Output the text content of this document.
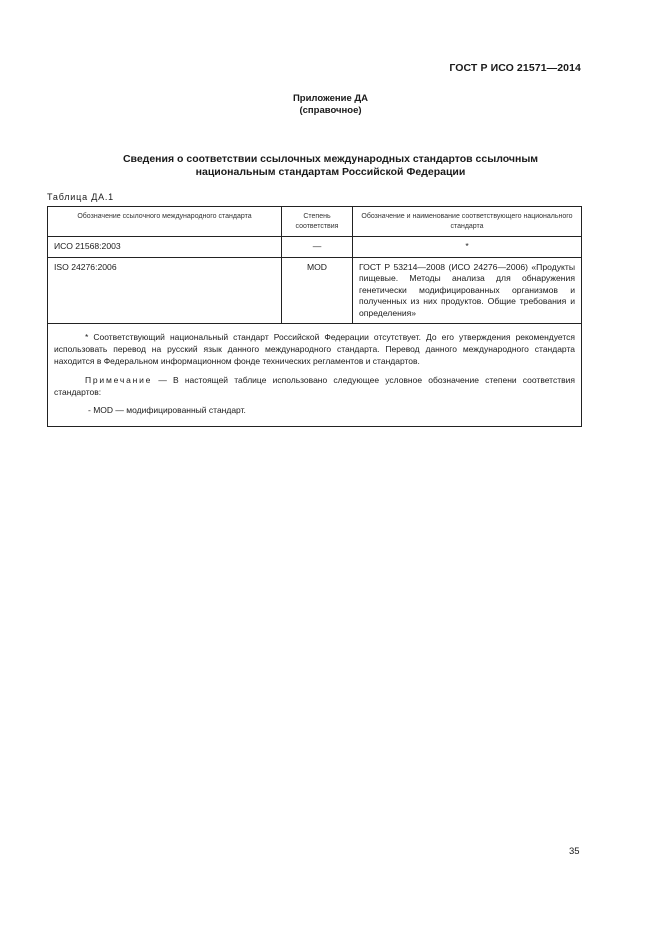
ГОСТ Р ИСО 21571—2014
Приложение ДА
(справочное)
Сведения о соответствии ссылочных международных стандартов ссылочным
национальным стандартам Российской Федерации
Таблица ДА.1
Обозначение ссылочного международного стандарта	Степень соответствия	Обозначение и наименование соответствующего национального стандарта
ИСО 21568:2003	—	*
ISO 24276:2006	MOD	ГОСТ Р 53214—2008 (ИСО 24276—2006) «Продукты пищевые. Методы анализа для обнаружения генетически модифицированных организмов и полученных из них продуктов. Общие требования и определения»

* Соответствующий национальный стандарт Российской Федерации отсутствует. До его утверждения рекомендуется использовать перевод на русский язык данного международного стандарта. Перевод данного международного стандарта находится в Федеральном информационном фонде технических регламентов и стандартов.

Примечание — В настоящей таблице использовано следующее условное обозначение степени соответствия стандартов:

- MOD — модифицированный стандарт.		

35
